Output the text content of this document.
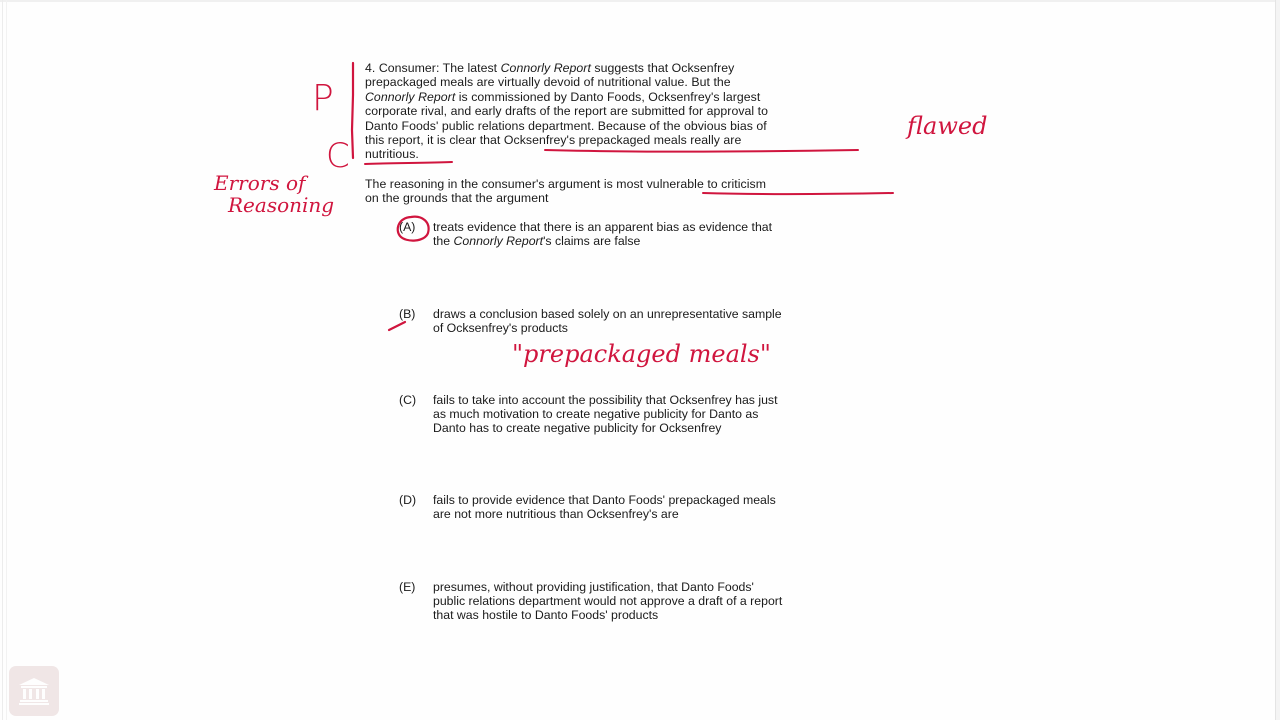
4. Consumer: The latest Connorly Report suggests that Ocksenfrey
prepackaged meals are virtually devoid of nutritional value. But the
Connorly Report is commissioned by Danto Foods, Ocksenfrey's largest
corporate rival, and early drafts of the report are submitted for approval to
Danto Foods' public relations department. Because of the obvious bias of
this report, it is clear that Ocksenfrey's prepackaged meals really are
nutritious.
The reasoning in the consumer's argument is most vulnerable to criticism
on the grounds that the argument
(A) treats evidence that there is an apparent bias as evidence that
the Connorly Report's claims are false
(B) draws a conclusion based solely on an unrepresentative sample
of Ocksenfrey's products
(C) fails to take into account the possibility that Ocksenfrey has just
as much motivation to create negative publicity for Danto as
Danto has to create negative publicity for Ocksenfrey
(D) fails to provide evidence that Danto Foods' prepackaged meals
are not more nutritious than Ocksenfrey's are
(E) presumes, without providing justification, that Danto Foods'
public relations department would not approve a draft of a report
that was hostile to Danto Foods' products
P
C
flawed
Errors of
Reasoning
"prepackaged meals"
